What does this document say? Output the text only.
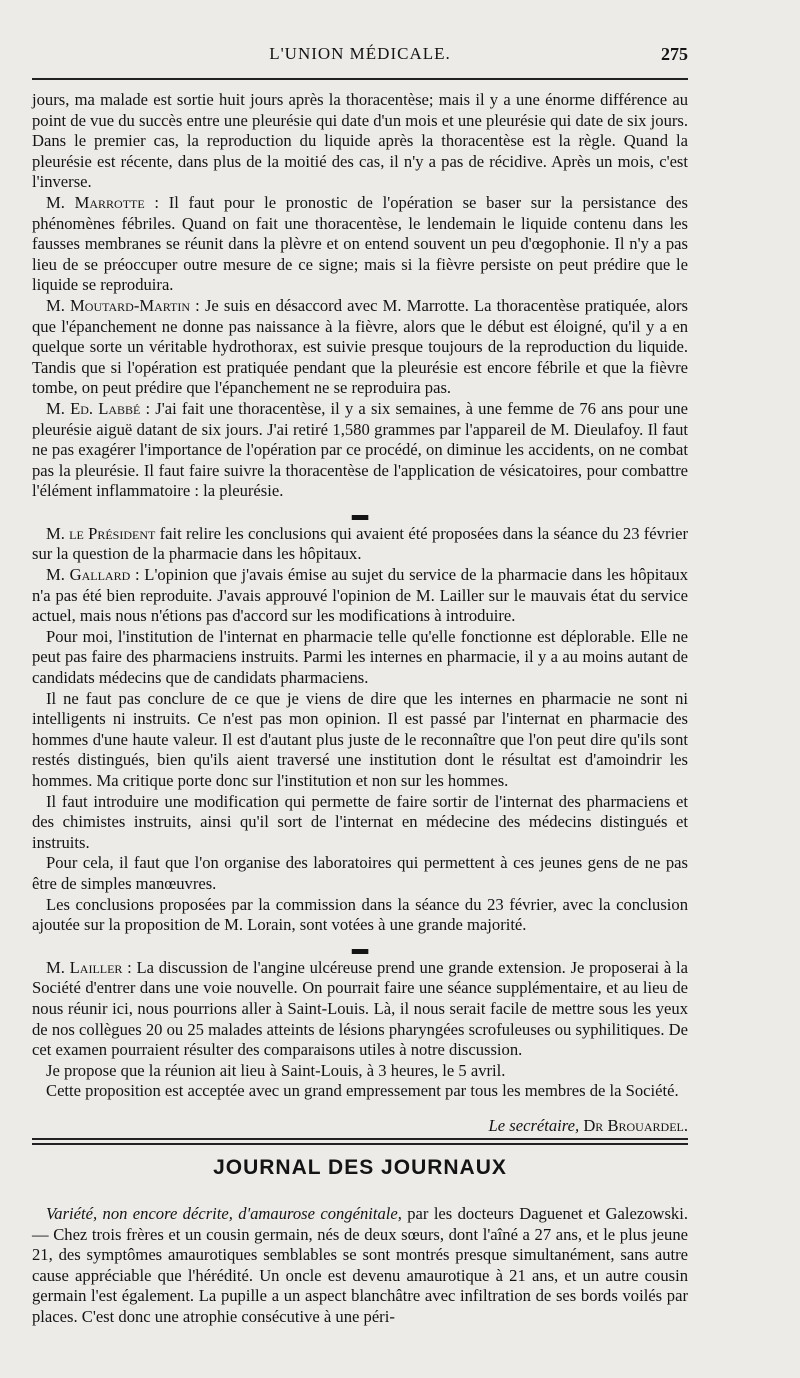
L'UNION MÉDICALE.	275

jours, ma malade est sortie huit jours après la thoracentèse; mais il y a une énorme différence au point de vue du succès entre une pleurésie qui date d'un mois et une pleurésie qui date de six jours. Dans le premier cas, la reproduction du liquide après la thoracentèse est la règle. Quand la pleurésie est récente, dans plus de la moitié des cas, il n'y a pas de récidive. Après un mois, c'est l'inverse.

M. Marrotte : Il faut pour le pronostic de l'opération se baser sur la persistance des phénomènes fébriles. Quand on fait une thoracentèse, le lendemain le liquide contenu dans les fausses membranes se réunit dans la plèvre et on entend souvent un peu d'œgophonie. Il n'y a pas lieu de se préoccuper outre mesure de ce signe; mais si la fièvre persiste on peut prédire que le liquide se reproduira.

M. Moutard-Martin : Je suis en désaccord avec M. Marrotte. La thoracentèse pratiquée, alors que l'épanchement ne donne pas naissance à la fièvre, alors que le début est éloigné, qu'il y a en quelque sorte un véritable hydrothorax, est suivie presque toujours de la reproduction du liquide. Tandis que si l'opération est pratiquée pendant que la pleurésie est encore fébrile et que la fièvre tombe, on peut prédire que l'épanchement ne se reproduira pas.

M. Ed. Labbé : J'ai fait une thoracentèse, il y a six semaines, à une femme de 76 ans pour une pleurésie aiguë datant de six jours. J'ai retiré 1,580 grammes par l'appareil de M. Dieulafoy. Il faut ne pas exagérer l'importance de l'opération par ce procédé, on diminue les accidents, on ne combat pas la pleurésie. Il faut faire suivre la thoracentèse de l'application de vésicatoires, pour combattre l'élément inflammatoire : la pleurésie.

▬

M. le Président fait relire les conclusions qui avaient été proposées dans la séance du 23 février sur la question de la pharmacie dans les hôpitaux.

M. Gallard : L'opinion que j'avais émise au sujet du service de la pharmacie dans les hôpitaux n'a pas été bien reproduite. J'avais approuvé l'opinion de M. Lailler sur le mauvais état du service actuel, mais nous n'étions pas d'accord sur les modifications à introduire.

Pour moi, l'institution de l'internat en pharmacie telle qu'elle fonctionne est déplorable. Elle ne peut pas faire des pharmaciens instruits. Parmi les internes en pharmacie, il y a au moins autant de candidats médecins que de candidats pharmaciens.

Il ne faut pas conclure de ce que je viens de dire que les internes en pharmacie ne sont ni intelligents ni instruits. Ce n'est pas mon opinion. Il est passé par l'internat en pharmacie des hommes d'une haute valeur. Il est d'autant plus juste de le reconnaître que l'on peut dire qu'ils sont restés distingués, bien qu'ils aient traversé une institution dont le résultat est d'amoindrir les hommes. Ma critique porte donc sur l'institution et non sur les hommes.

Il faut introduire une modification qui permette de faire sortir de l'internat des pharmaciens et des chimistes instruits, ainsi qu'il sort de l'internat en médecine des médecins distingués et instruits.

Pour cela, il faut que l'on organise des laboratoires qui permettent à ces jeunes gens de ne pas être de simples manœuvres.

Les conclusions proposées par la commission dans la séance du 23 février, avec la conclusion ajoutée sur la proposition de M. Lorain, sont votées à une grande majorité.

▬

M. Lailler : La discussion de l'angine ulcéreuse prend une grande extension. Je proposerai à la Société d'entrer dans une voie nouvelle. On pourrait faire une séance supplémentaire, et au lieu de nous réunir ici, nous pourrions aller à Saint-Louis. Là, il nous serait facile de mettre sous les yeux de nos collègues 20 ou 25 malades atteints de lésions pharyngées scrofuleuses ou syphilitiques. De cet examen pourraient résulter des comparaisons utiles à notre discussion.

Je propose que la réunion ait lieu à Saint-Louis, à 3 heures, le 5 avril.

Cette proposition est acceptée avec un grand empressement par tous les membres de la Société.

Le secrétaire, Dr Brouardel.
JOURNAL DES JOURNAUX

Variété, non encore décrite, d'amaurose congénitale, par les docteurs Daguenet et Galezowski. — Chez trois frères et un cousin germain, nés de deux sœurs, dont l'aîné a 27 ans, et le plus jeune 21, des symptômes amaurotiques semblables se sont montrés presque simultanément, sans autre cause appréciable que l'hérédité. Un oncle est devenu amaurotique à 21 ans, et un autre cousin germain l'est également. La pupille a un aspect blanchâtre avec infiltration de ses bords voilés par places. C'est donc une atrophie consécutive à une péri-
